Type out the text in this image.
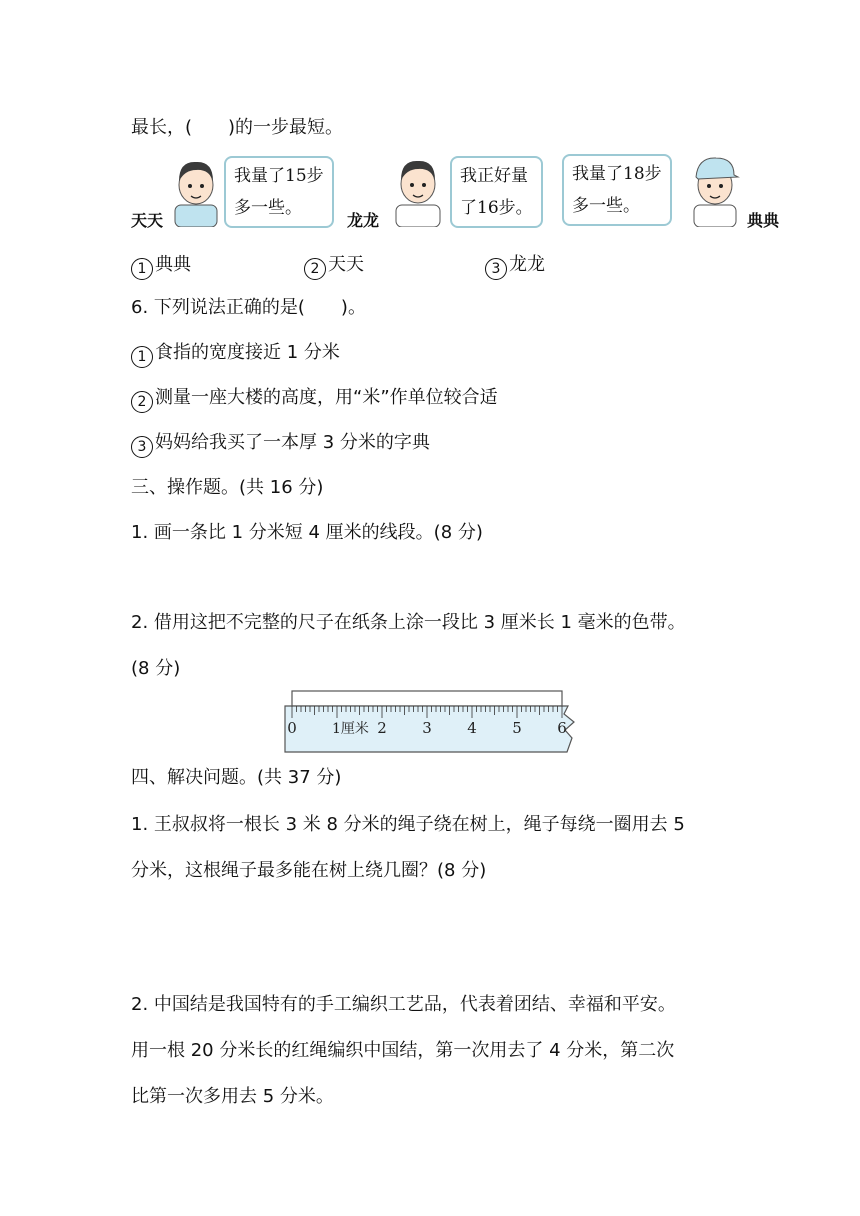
最长，(　　)的一步最短。
天天
我量了15步
多一些。
龙龙
我正好量
了16步。
我量了18步
多一些。
典典
1 典典	2 天天	3 龙龙
6. 下列说法正确的是(　　)。
1 食指的宽度接近 1 分米
2 测量一座大楼的高度，用“米”作单位较合适
3 妈妈给我买了一本厚 3 分米的字典
三、操作题。(共 16 分)
1. 画一条比 1 分米短 4 厘米的线段。(8 分)
2. 借用这把不完整的尺子在纸条上涂一段比 3 厘米长 1 毫米的色带。
(8 分)
0	1厘米 2 3 4 5 6
四、解决问题。(共 37 分)
1. 王叔叔将一根长 3 米 8 分米的绳子绕在树上，绳子每绕一圈用去 5
分米，这根绳子最多能在树上绕几圈？(8 分)
2. 中国结是我国特有的手工编织工艺品，代表着团结、幸福和平安。
用一根 20 分米长的红绳编织中国结，第一次用去了 4 分米，第二次
比第一次多用去 5 分米。
